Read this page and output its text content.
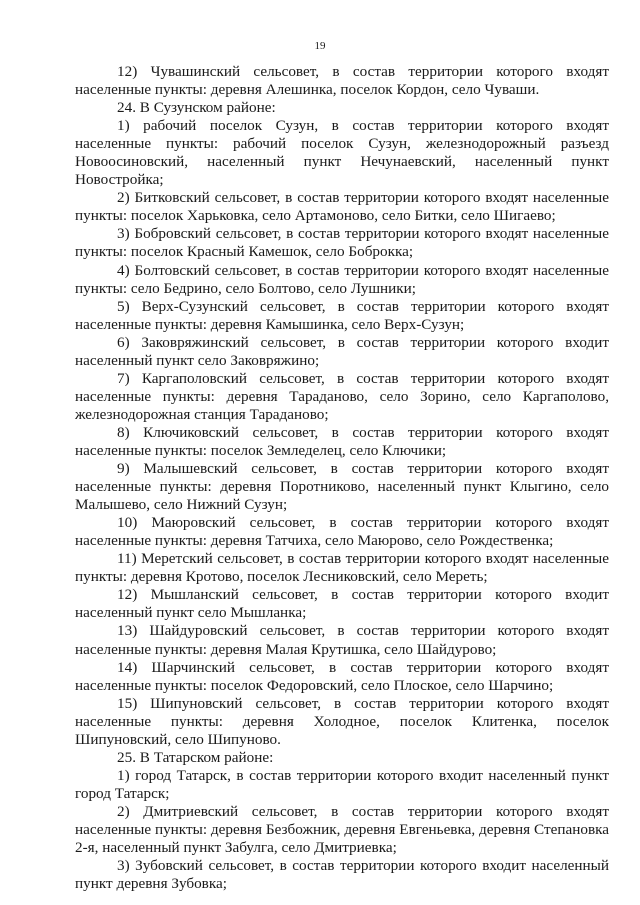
19

12) Чувашинский сельсовет, в состав территории которого входят населенные пункты: деревня Алешинка, поселок Кордон, село Чуваши.

24. В Сузунском районе:

1) рабочий поселок Сузун, в состав территории которого входят населенные пункты: рабочий поселок Сузун, железнодорожный разъезд Новоосиновский, населенный пункт Нечунаевский, населенный пункт Новостройка;

2) Битковский сельсовет, в состав территории которого входят населенные пункты: поселок Харьковка, село Артамоново, село Битки, село Шигаево;

3) Бобровский сельсовет, в состав территории которого входят населенные пункты: поселок Красный Камешок, село Боброкка;

4) Болтовский сельсовет, в состав территории которого входят населенные пункты: село Бедрино, село Болтово, село Лушники;

5) Верх-Сузунский сельсовет, в состав территории которого входят населенные пункты: деревня Камышинка, село Верх-Сузун;

6) Заковряжинский сельсовет, в состав территории которого входит населенный пункт село Заковряжино;

7) Каргаполовский сельсовет, в состав территории которого входят населенные пункты: деревня Тараданово, село Зорино, село Каргаполово, железнодорожная станция Тараданово;

8) Ключиковский сельсовет, в состав территории которого входят населенные пункты: поселок Земледелец, село Ключики;

9) Малышевский сельсовет, в состав территории которого входят населенные пункты: деревня Поротниково, населенный пункт Клыгино, село Малышево, село Нижний Сузун;

10) Маюровский сельсовет, в состав территории которого входят населенные пункты: деревня Татчиха, село Маюрово, село Рождественка;

11) Меретский сельсовет, в состав территории которого входят населенные пункты: деревня Кротово, поселок Лесниковский, село Мереть;

12) Мышланский сельсовет, в состав территории которого входит населенный пункт село Мышланка;

13) Шайдуровский сельсовет, в состав территории которого входят населенные пункты: деревня Малая Крутишка, село Шайдурово;

14) Шарчинский сельсовет, в состав территории которого входят населенные пункты: поселок Федоровский, село Плоское, село Шарчино;

15) Шипуновский сельсовет, в состав территории которого входят населенные пункты: деревня Холодное, поселок Клитенка, поселок Шипуновский, село Шипуново.

25. В Татарском районе:

1) город Татарск, в состав территории которого входит населенный пункт город Татарск;

2) Дмитриевский сельсовет, в состав территории которого входят населенные пункты: деревня Безбожник, деревня Евгеньевка, деревня Степановка 2-я, населенный пункт Забулга, село Дмитриевка;

3) Зубовский сельсовет, в состав территории которого входит населенный пункт деревня Зубовка;
